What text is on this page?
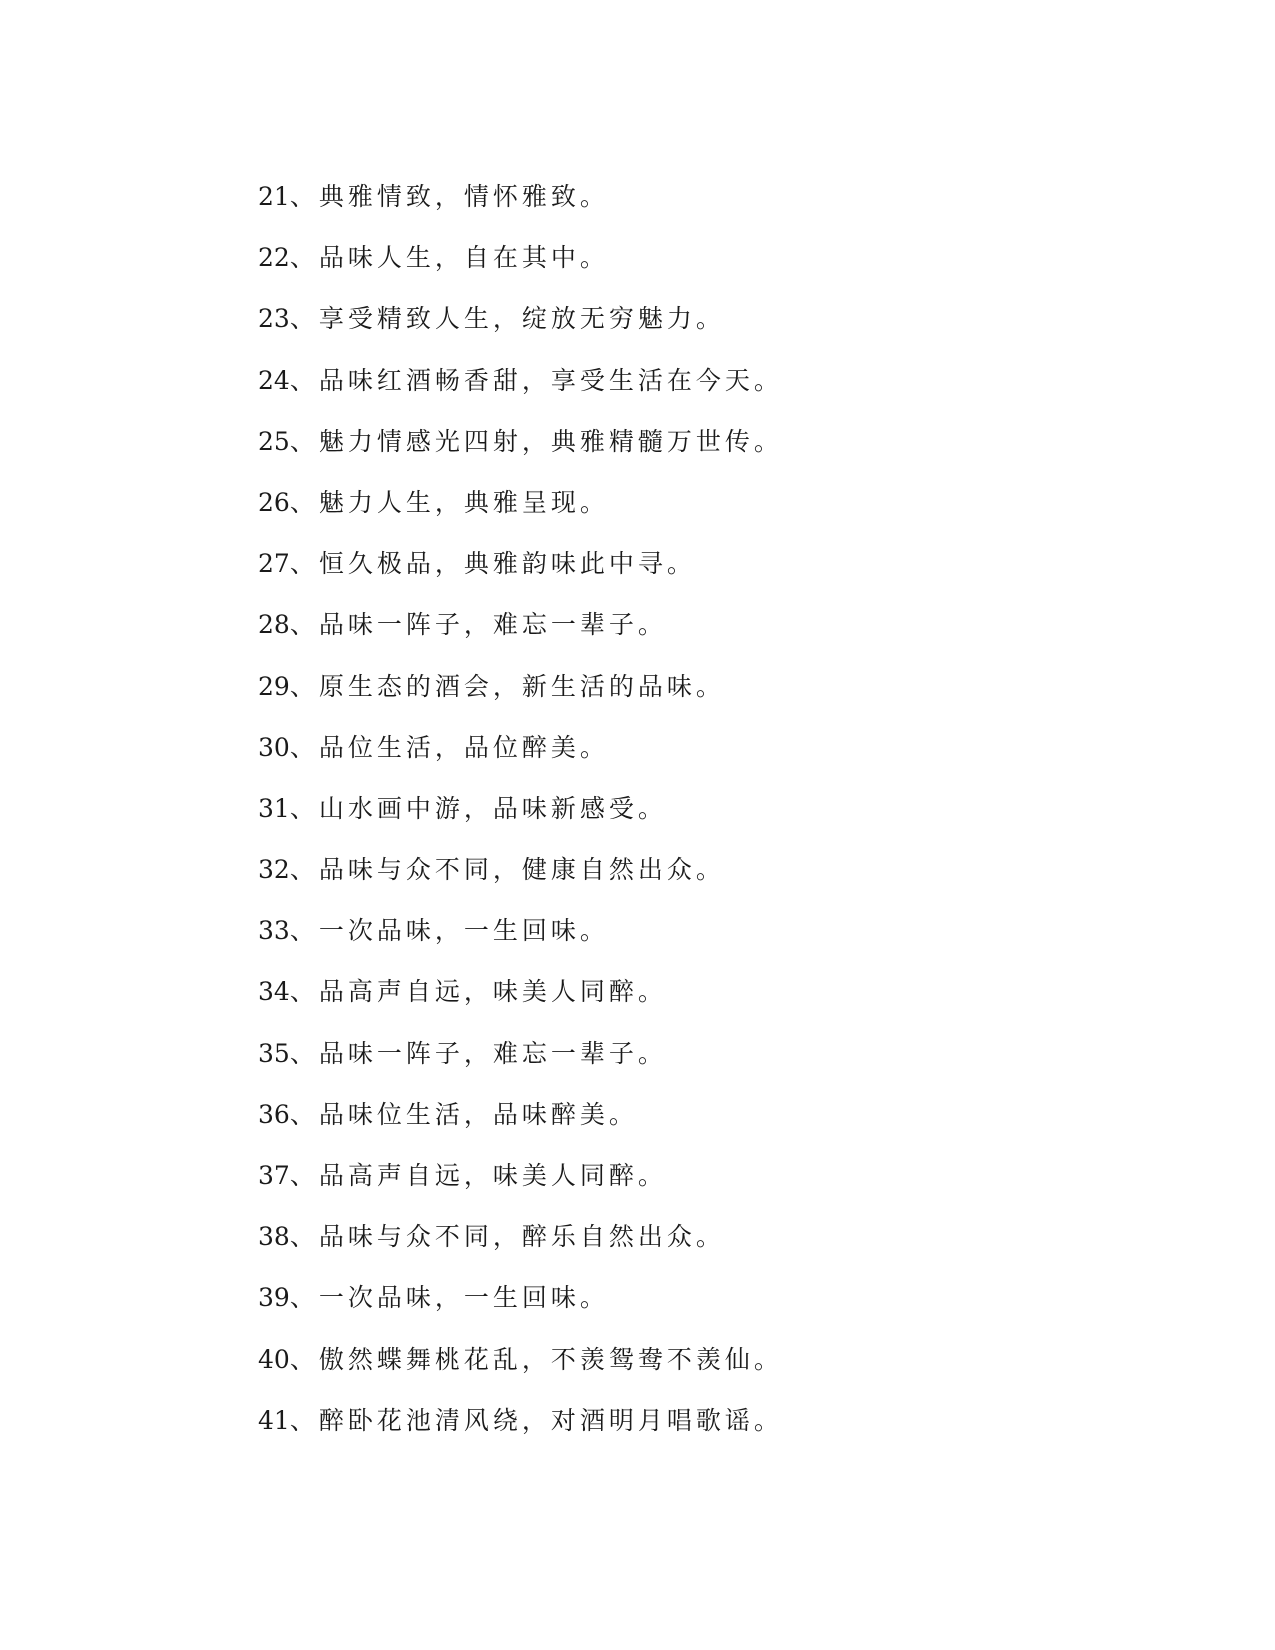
21、典雅情致，情怀雅致。
22、品味人生，自在其中。
23、享受精致人生，绽放无穷魅力。
24、品味红酒畅香甜，享受生活在今天。
25、魅力情感光四射，典雅精髓万世传。
26、魅力人生，典雅呈现。
27、恒久极品，典雅韵味此中寻。
28、品味一阵子，难忘一辈子。
29、原生态的酒会，新生活的品味。
30、品位生活，品位醉美。
31、山水画中游，品味新感受。
32、品味与众不同，健康自然出众。
33、一次品味，一生回味。
34、品高声自远，味美人同醉。
35、品味一阵子，难忘一辈子。
36、品味位生活，品味醉美。
37、品高声自远，味美人同醉。
38、品味与众不同，醉乐自然出众。
39、一次品味，一生回味。
40、傲然蝶舞桃花乱，不羡鸳鸯不羡仙。
41、醉卧花池清风绕，对酒明月唱歌谣。
